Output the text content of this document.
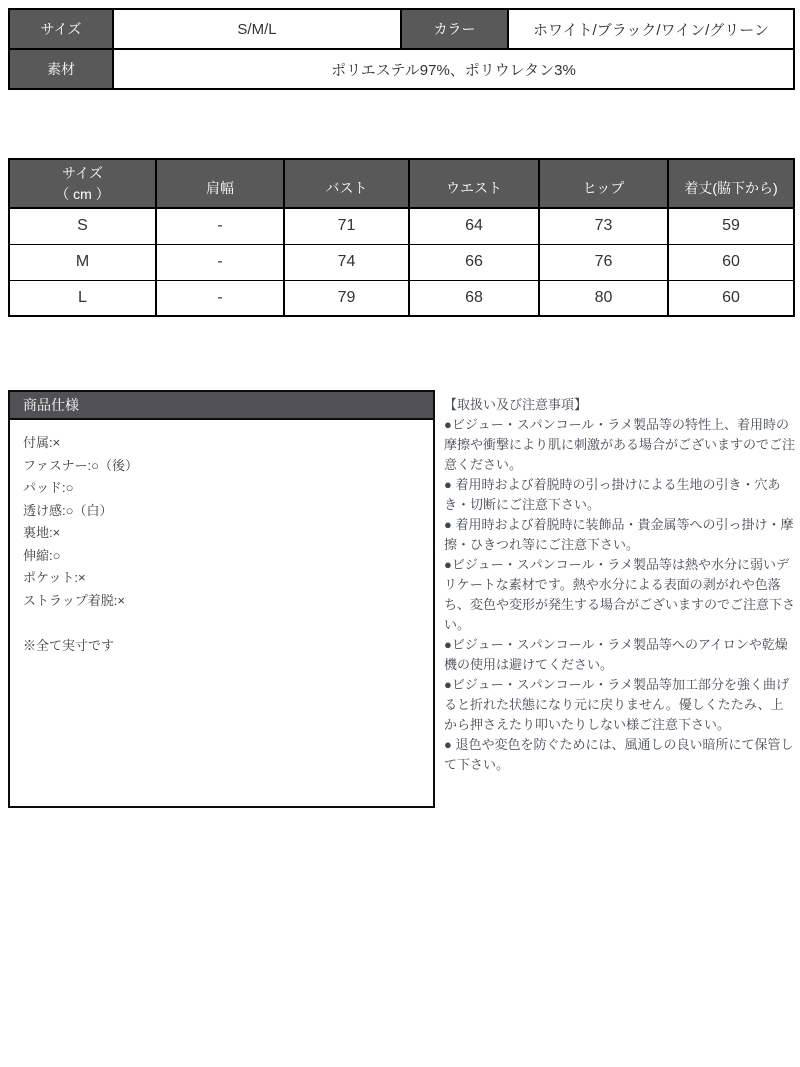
サイズ	S/M/L	カラー	ホワイト/ブラック/ワイン/グリーン
素材	ポリエステル97%、ポリウレタン3%		
サイズ
（ cm ）	肩幅	バスト	ウエスト	ヒップ	着丈(脇下から)
S	-	71	64	73	59
M	-	74	66	76	60
L	-	79	68	80	60
商品仕様
付属:×
ファスナー:○（後）
パッド:○
透け感:○（白）
裏地:×
伸縮:○
ポケット:×
ストラップ着脱:×
※全て実寸です
【取扱い及び注意事項】
●ビジュー・スパンコール・ラメ製品等の特性上、着用時の摩擦や衝撃により肌に刺激がある場合がございますのでご注意ください。
● 着用時および着脱時の引っ掛けによる生地の引き・穴あき・切断にご注意下さい。
● 着用時および着脱時に装飾品・貴金属等への引っ掛け・摩擦・ひきつれ等にご注意下さい。
●ビジュー・スパンコール・ラメ製品等は熱や水分に弱いデリケートな素材です。熱や水分による表面の剥がれや色落ち、変色や変形が発生する場合がございますのでご注意下さい。
●ビジュー・スパンコール・ラメ製品等へのアイロンや乾燥機の使用は避けてください。
●ビジュー・スパンコール・ラメ製品等加工部分を強く曲げると折れた状態になり元に戻りません。優しくたたみ、上から押さえたり叩いたりしない様ご注意下さい。
● 退色や変色を防ぐためには、風通しの良い暗所にて保管して下さい。
